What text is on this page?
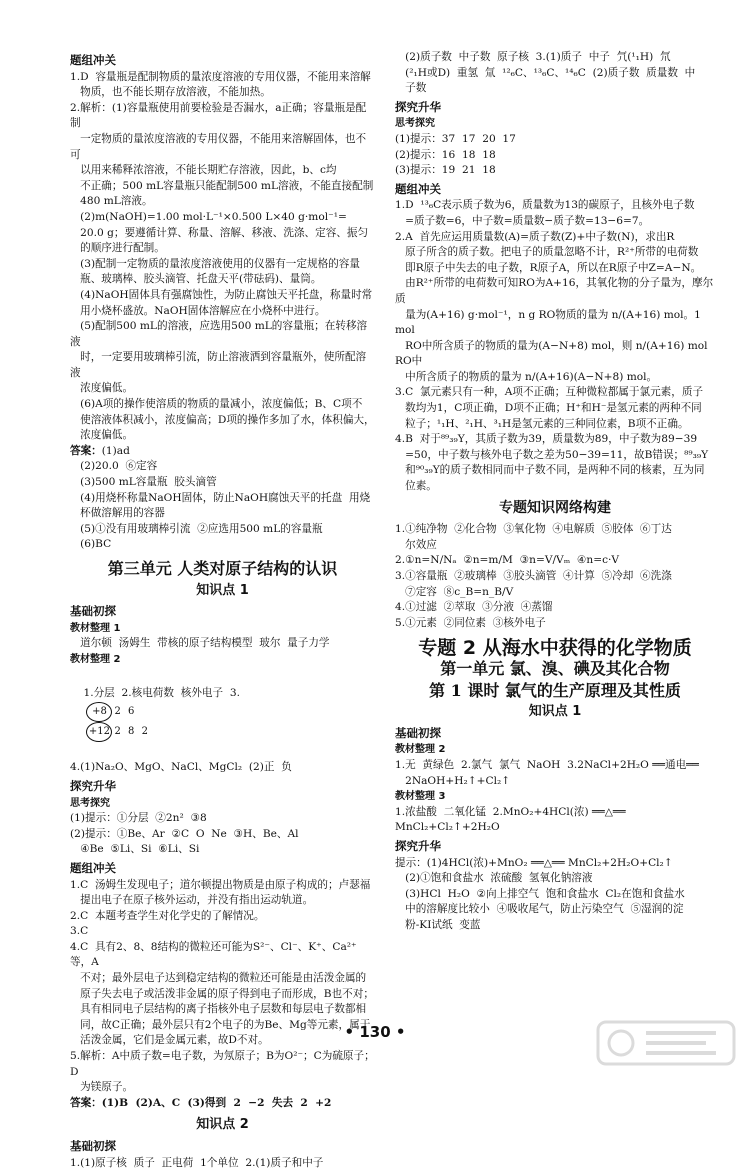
题组冲关
1.D  容量瓶是配制物质的量浓度溶液的专用仪器，不能用来溶解
物质，也不能长期存放溶液，不能加热。
2.解析：(1)容量瓶使用前要检验是否漏水，a正确；容量瓶是配制
一定物质的量浓度溶液的专用仪器，不能用来溶解固体，也不可
以用来稀释浓溶液，不能长期贮存溶液，因此，b、c均
不正确；500 mL容量瓶只能配制500 mL溶液，不能直接配制
480 mL溶液。
(2)m(NaOH)=1.00 mol·L⁻¹×0.500 L×40 g·mol⁻¹=
20.0 g；要遵循计算、称量、溶解、移液、洗涤、定容、振匀
的顺序进行配制。
(3)配制一定物质的量浓度溶液使用的仪器有一定规格的容量
瓶、玻璃棒、胶头滴管、托盘天平(带砝码)、量筒。
(4)NaOH固体具有强腐蚀性，为防止腐蚀天平托盘，称量时常
用小烧杯盛放。NaOH固体溶解应在小烧杯中进行。
(5)配制500 mL的溶液，应选用500 mL的容量瓶；在转移溶液
时，一定要用玻璃棒引流，防止溶液洒到容量瓶外，使所配溶液
浓度偏低。
(6)A项的操作使溶质的物质的量减小，浓度偏低；B、C项不
使溶液体积减小，浓度偏高；D项的操作多加了水，体积偏大，
浓度偏低。
答案：(1)ad
(2)20.0  ⑥定容
(3)500 mL容量瓶  胶头滴管
(4)用烧杯称量NaOH固体，防止NaOH腐蚀天平的托盘  用烧
杯做溶解用的容器
(5)①没有用玻璃棒引流  ②应选用500 mL的容量瓶
(6)BC
第三单元 人类对原子结构的认识
知识点 1
基础初探
教材整理 1
道尔顿  汤姆生  带核的原子结构模型  玻尔  量子力学
教材整理 2

1.分层  2.核电荷数  核外电子  3.

+8 2 6

+12 2 8 2

4.(1)Na₂O、MgO、NaCl、MgCl₂  (2)正  负
探究升华
思考探究
(1)提示：①分层  ②2n²  ③8
(2)提示：①Be、Ar  ②C  O  Ne  ③H、Be、Al
④Be  ⑤Li、Si  ⑥Li、Si
题组冲关
1.C  汤姆生发现电子；道尔顿提出物质是由原子构成的；卢瑟福
提出电子在原子核外运动，并没有指出运动轨道。
2.C  本题考查学生对化学史的了解情况。
3.C
4.C  具有2、8、8结构的微粒还可能为S²⁻、Cl⁻、K⁺、Ca²⁺等，A
不对；最外层电子达到稳定结构的微粒还可能是由活泼金属的
原子失去电子或活泼非金属的原子得到电子而形成，B也不对；
具有相同电子层结构的离子指核外电子层数和每层电子数都相
同，故C正确；最外层只有2个电子的为Be、Mg等元素，属于
活泼金属，它们是金属元素，故D不对。
5.解析：A中质子数=电子数，为氖原子；B为O²⁻；C为硫原子；D
为镁原子。
答案：(1)B  (2)A、C  (3)得到  2  −2  失去  2  +2
知识点 2
基础初探
1.(1)原子核  质子  正电荷  1个单位  2.(1)质子和中子
(2)质子数  中子数  原子核  3.(1)质子  中子  氕(¹₁H)  氘
(²₁H或D)  重氢  氚  ¹²₆C、¹³₆C、¹⁴₆C  (2)质子数  质量数  中
子数
探究升华
思考探究
(1)提示：37  17  20  17
(2)提示：16  18  18
(3)提示：19  21  18
题组冲关
1.D  ¹³₆C表示质子数为6，质量数为13的碳原子，且核外电子数
=质子数=6，中子数=质量数−质子数=13−6=7。
2.A  首先应运用质量数(A)=质子数(Z)+中子数(N)，求出R
原子所含的质子数。把电子的质量忽略不计，R²⁺所带的电荷数
即R原子中失去的电子数，R原子A，所以在R原子中Z=A−N。
由R²⁺所带的电荷数可知RO为A+16，其氧化物的分子量为，摩尔质
量为(A+16) g·mol⁻¹，n g RO物质的量为 n/(A+16) mol。1 mol
RO中所含质子的物质的量为(A−N+8) mol，则 n/(A+16) mol RO中
中所含质子的物质的量为 n/(A+16)(A−N+8) mol。
3.C  氯元素只有一种，A项不正确；互种微粒都属于氯元素，质子
数均为1，C项正确，D项不正确；H⁺和H⁻是氢元素的两种不同
粒子；¹₁H、²₁H、³₁H是氢元素的三种同位素，B项不正确。
4.B  对于⁸⁹₃₉Y，其质子数为39，质量数为89，中子数为89−39
=50，中子数与核外电子数之差为50−39=11，故B错误；⁸⁹₃₉Y
和⁹⁰₃₉Y的质子数相同而中子数不同，是两种不同的核素，互为同
位素。
专题知识网络构建
1.①纯净物  ②化合物  ③氧化物  ④电解质  ⑤胶体  ⑥丁达
尔效应
2.①n=N/Nₐ  ②n=m/M  ③n=V/Vₘ  ④n=c·V
3.①容量瓶  ②玻璃棒  ③胶头滴管  ④计算  ⑤冷却  ⑥洗涤
⑦定容  ⑧c_B=n_B/V
4.①过滤  ②萃取  ③分液  ④蒸馏
5.①元素  ②同位素  ③核外电子
专题 2 从海水中获得的化学物质
第一单元 氯、溴、碘及其化合物
第 1 课时 氯气的生产原理及其性质
知识点 1
基础初探
教材整理 2
1.无  黄绿色  2.氯气  氯气  NaOH  3.2NaCl+2H₂O ══通电══
2NaOH+H₂↑+Cl₂↑
教材整理 3
1.浓盐酸  二氧化锰  2.MnO₂+4HCl(浓) ══△══ MnCl₂+Cl₂↑+2H₂O
探究升华
提示：(1)4HCl(浓)+MnO₂ ══△══ MnCl₂+2H₂O+Cl₂↑
(2)①饱和食盐水  浓硫酸  氢氧化钠溶液
(3)HCl  H₂O  ②向上排空气  饱和食盐水  Cl₂在饱和食盐水
中的溶解度比较小  ④吸收尾气，防止污染空气  ⑤湿润的淀
粉-KI试纸  变蓝
• 130 •
